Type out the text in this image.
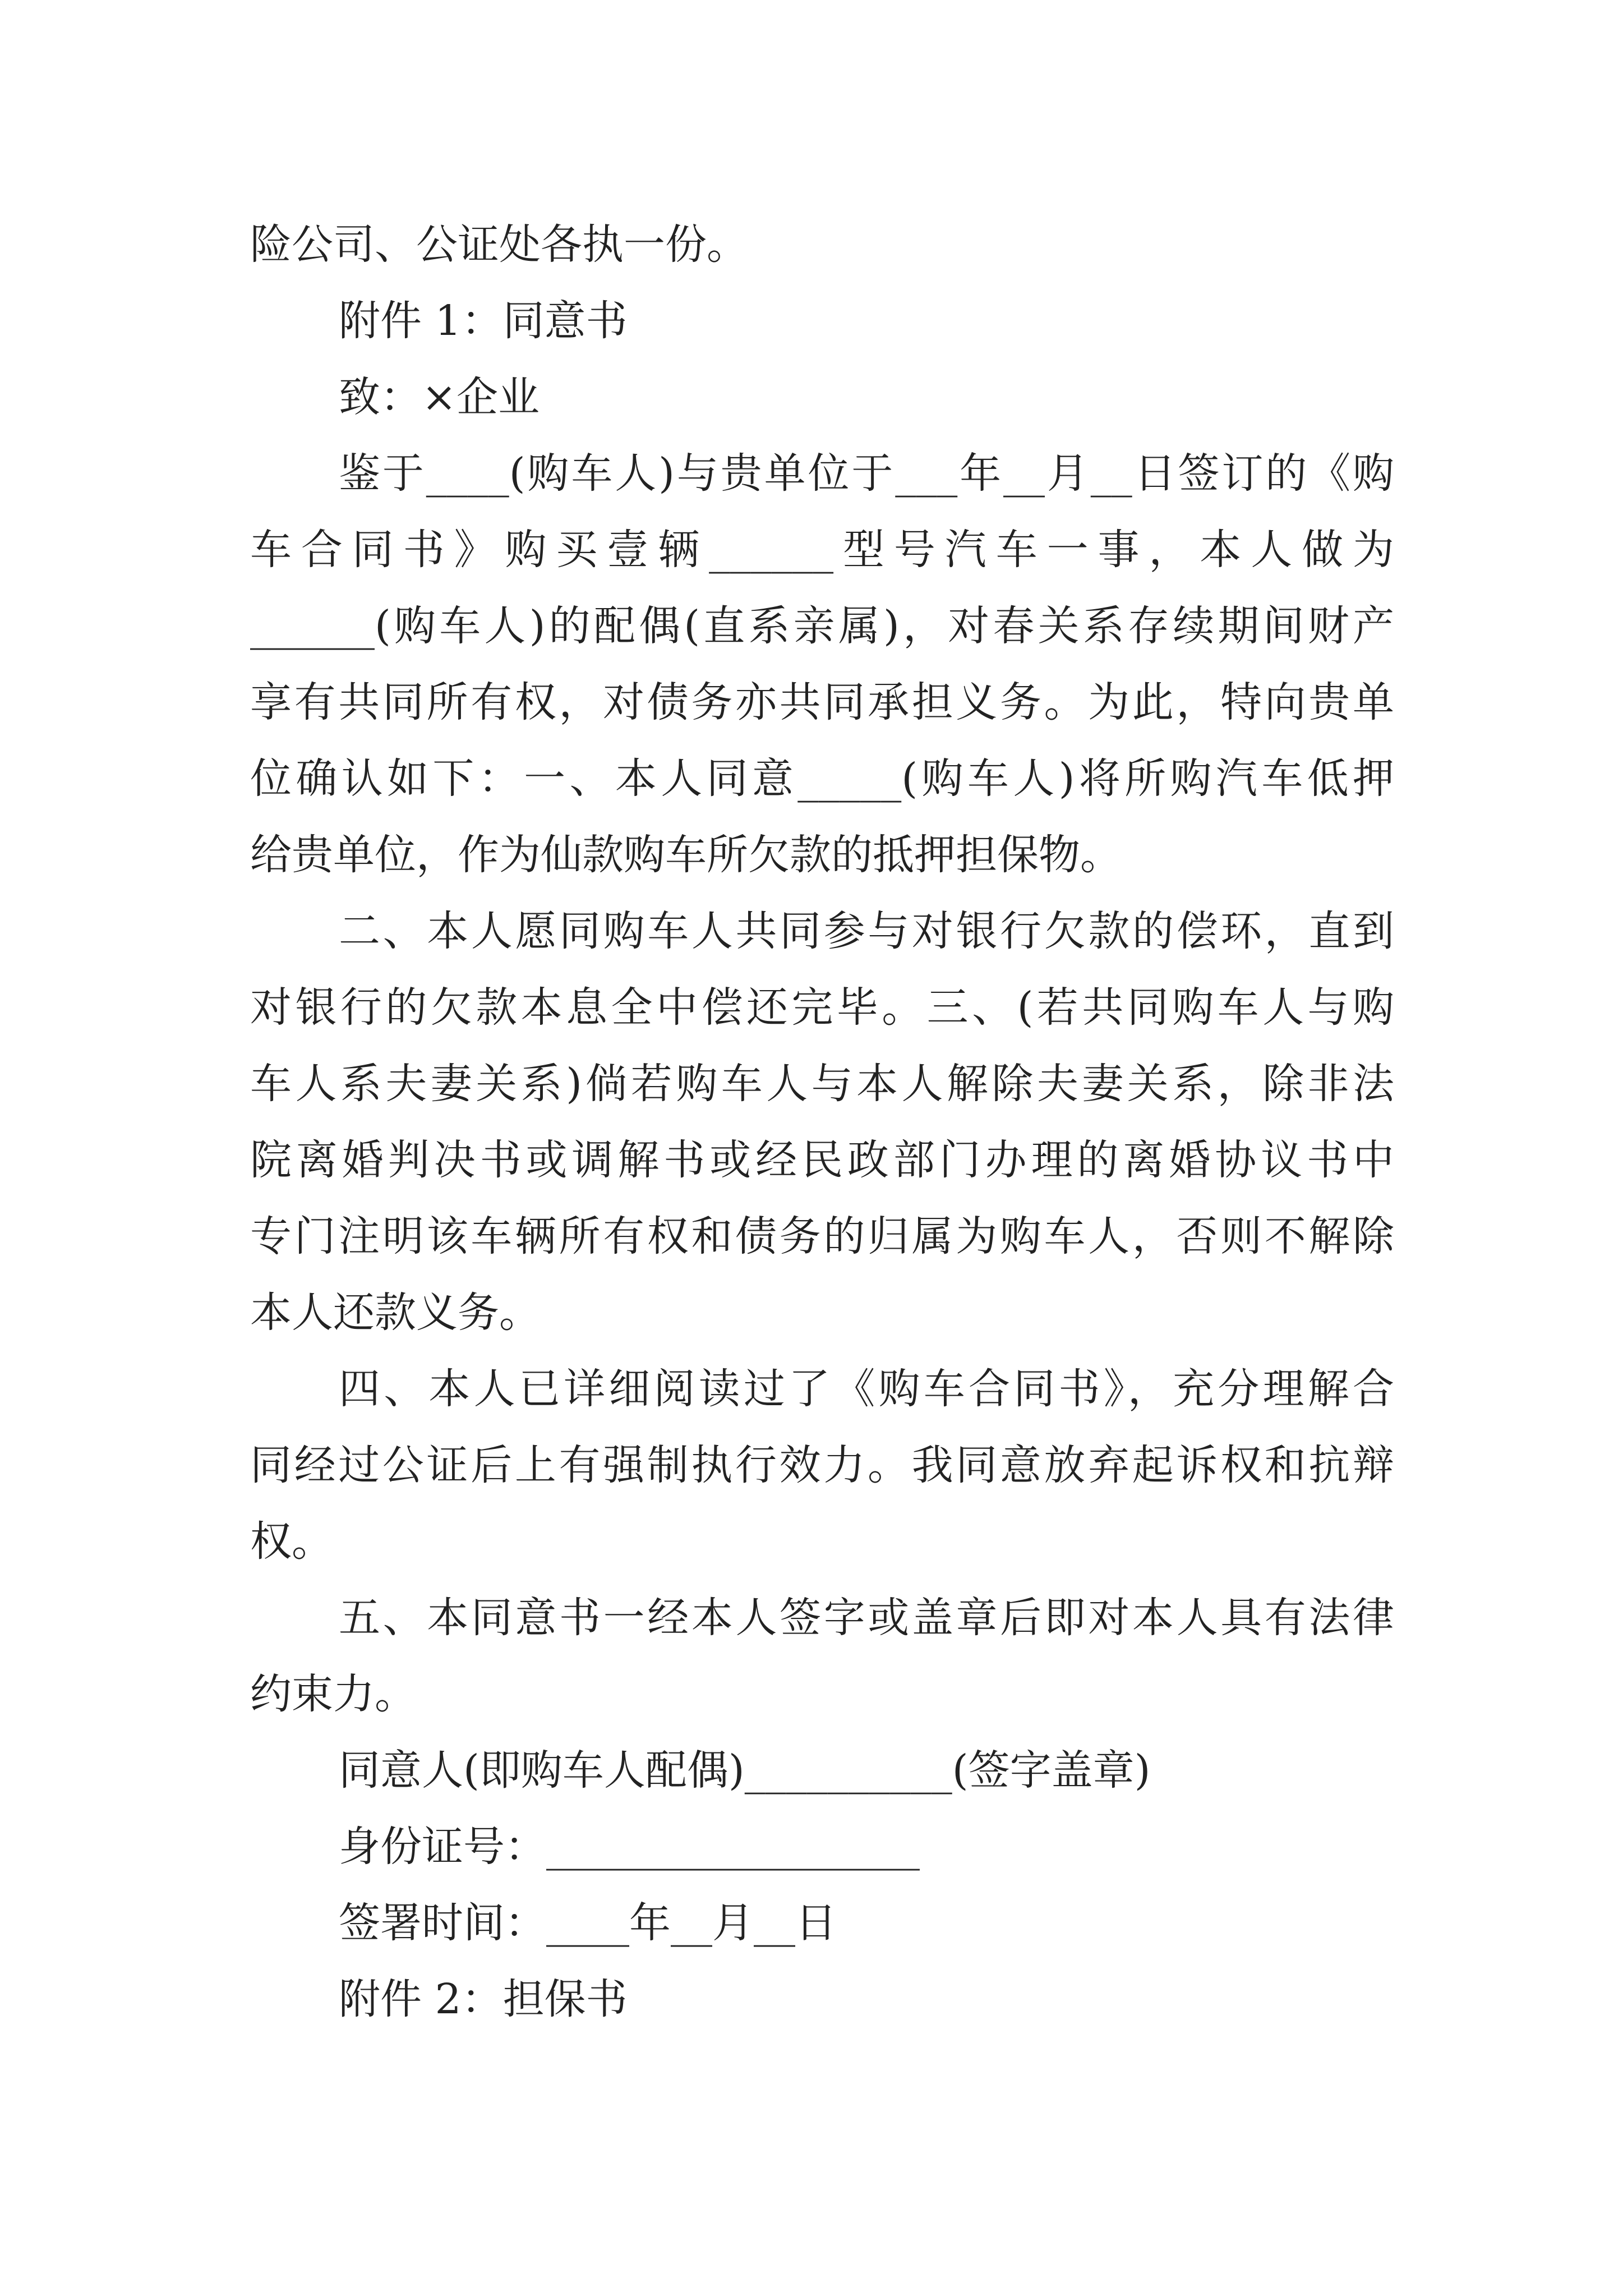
险公司、公证处各执一份。
附件 1：同意书
致：×企业
鉴于____(购车人)与贵单位于___年__月__日签订的《购
车合同书》购买壹辆______型号汽车一事，本人做为
______(购车人)的配偶(直系亲属)，对春关系存续期间财产
享有共同所有权，对债务亦共同承担义务。为此，特向贵单
位确认如下：一、本人同意_____(购车人)将所购汽车低押
给贵单位，作为仙款购车所欠款的抵押担保物。
二、本人愿同购车人共同参与对银行欠款的偿环，直到
对银行的欠款本息全中偿还完毕。三、(若共同购车人与购
车人系夫妻关系)倘若购车人与本人解除夫妻关系，除非法
院离婚判决书或调解书或经民政部门办理的离婚协议书中
专门注明该车辆所有权和债务的归属为购车人，否则不解除
本人还款义务。
四、本人已详细阅读过了《购车合同书》，充分理解合
同经过公证后上有强制执行效力。我同意放弃起诉权和抗辩
权。
五、本同意书一经本人签字或盖章后即对本人具有法律
约束力。
同意人(即购车人配偶)__________(签字盖章)
身份证号：__________________
签署时间：____年__月__日
附件 2：担保书
